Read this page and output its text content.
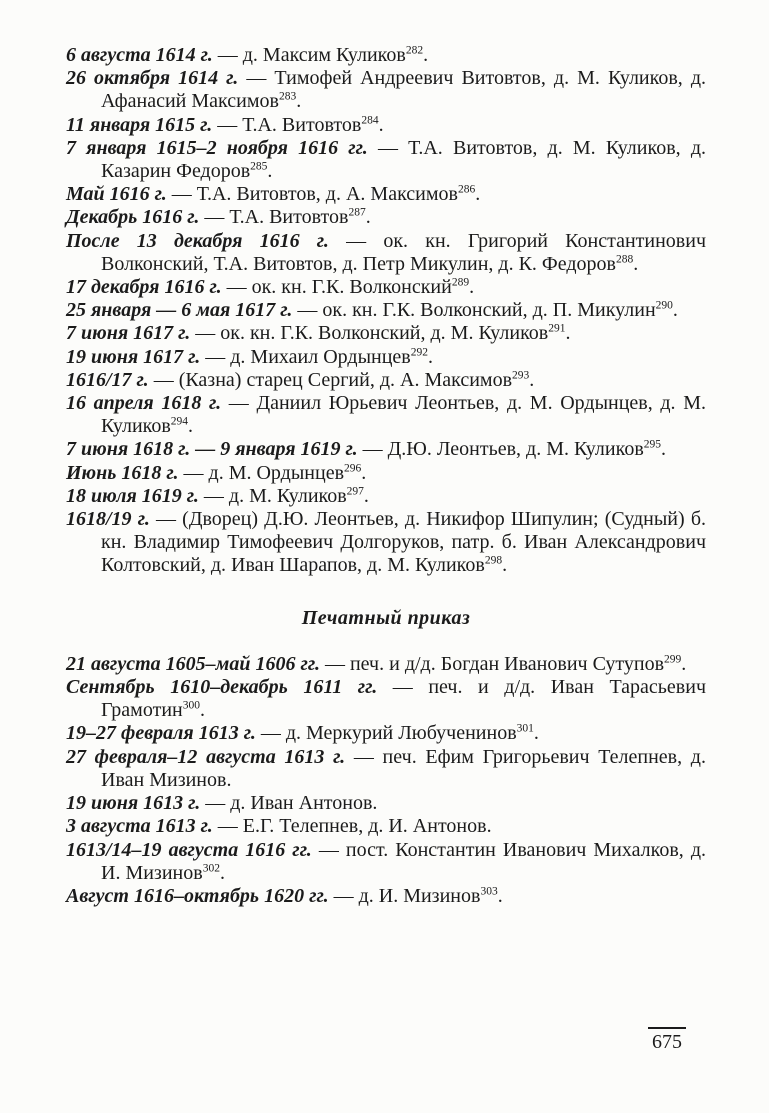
6 августа 1614 г. — д. Максим Куликов$^{282}$.

26 октября 1614 г. — Тимофей Андреевич Витовтов, д. М. Куликов, д. Афанасий Максимов$^{283}$.

11 января 1615 г. — Т.А. Витовтов$^{284}$.

7 января 1615–2 ноября 1616 гг. — Т.А. Витовтов, д. М. Куликов, д. Казарин Федоров$^{285}$.

Май 1616 г. — Т.А. Витовтов, д. А. Максимов$^{286}$.

Декабрь 1616 г. — Т.А. Витовтов$^{287}$.

После 13 декабря 1616 г. — ок. кн. Григорий Константинович Волконский, Т.А. Витовтов, д. Петр Микулин, д. К. Федоров$^{288}$.

17 декабря 1616 г. — ок. кн. Г.К. Волконский$^{289}$.

25 января — 6 мая 1617 г. — ок. кн. Г.К. Волконский, д. П. Микулин$^{290}$.

7 июня 1617 г. — ок. кн. Г.К. Волконский, д. М. Куликов$^{291}$.

19 июня 1617 г. — д. Михаил Ордынцев$^{292}$.

1616/17 г. — (Казна) старец Сергий, д. А. Максимов$^{293}$.

16 апреля 1618 г. — Даниил Юрьевич Леонтьев, д. М. Ордынцев, д. М. Куликов$^{294}$.

7 июня 1618 г. — 9 января 1619 г. — Д.Ю. Леонтьев, д. М. Куликов$^{295}$.

Июнь 1618 г. — д. М. Ордынцев$^{296}$.

18 июля 1619 г. — д. М. Куликов$^{297}$.

1618/19 г. — (Дворец) Д.Ю. Леонтьев, д. Никифор Шипулин; (Судный) б. кн. Владимир Тимофеевич Долгоруков, патр. б. Иван Александрович Колтовский, д. Иван Шарапов, д. М. Куликов$^{298}$.

Печатный приказ

21 августа 1605–май 1606 гг. — печ. и д/д. Богдан Иванович Сутупов$^{299}$.

Сентябрь 1610–декабрь 1611 гг. — печ. и д/д. Иван Тарасьевич Грамотин$^{300}$.

19–27 февраля 1613 г. — д. Меркурий Любученинов$^{301}$.

27 февраля–12 августа 1613 г. — печ. Ефим Григорьевич Телепнев, д. Иван Мизинов.

19 июня 1613 г. — д. Иван Антонов.

3 августа 1613 г. — Е.Г. Телепнев, д. И. Антонов.

1613/14–19 августа 1616 гг. — пост. Константин Иванович Михалков, д. И. Мизинов$^{302}$.

Август 1616–октябрь 1620 гг. — д. И. Мизинов$^{303}$.

675
